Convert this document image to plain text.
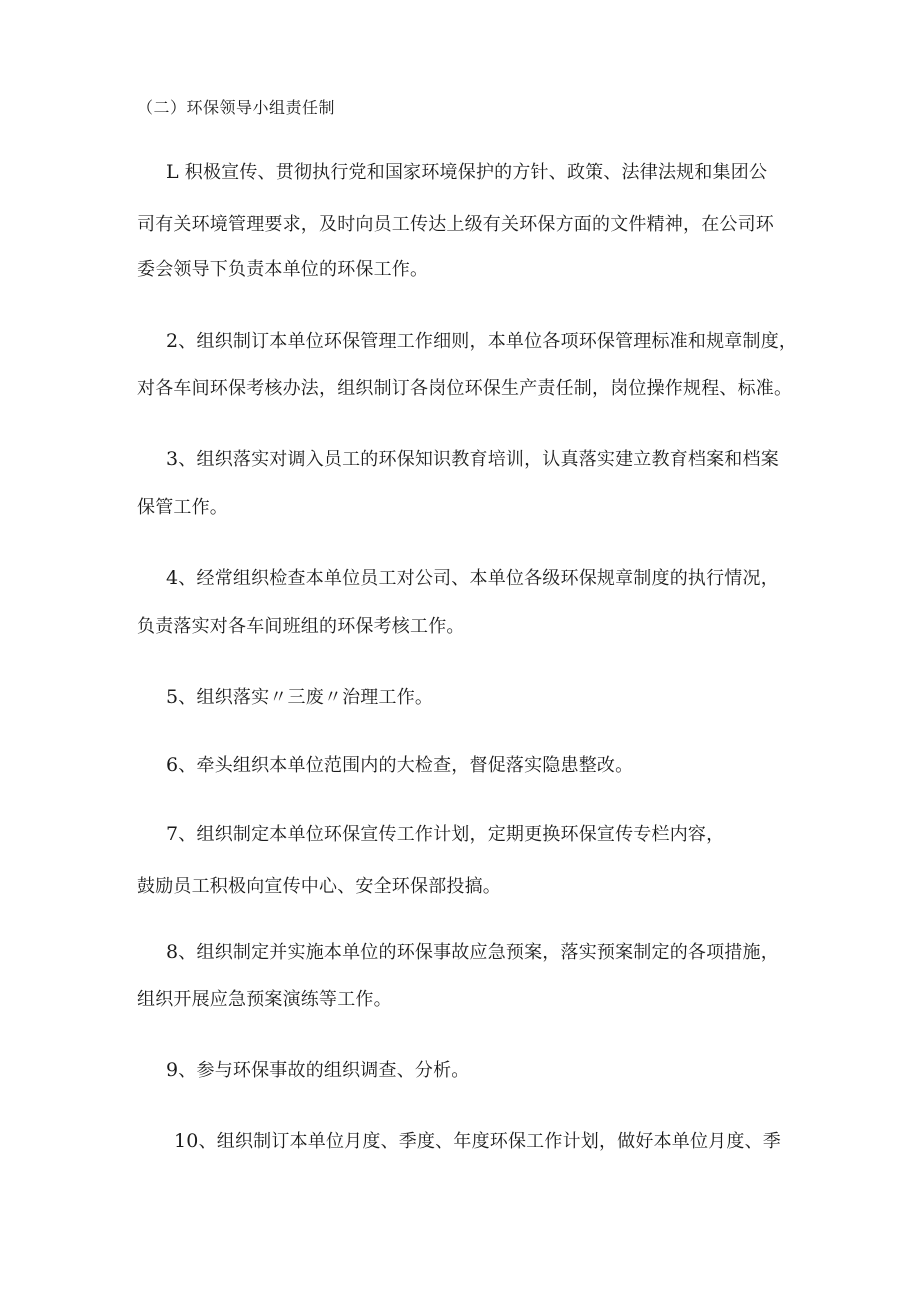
（二）环保领导小组责任制
L 积极宣传、贯彻执行党和国家环境保护的方针、政策、法律法规和集团公
司有关环境管理要求，及时向员工传达上级有关环保方面的文件精神，在公司环
委会领导下负责本单位的环保工作。
2、组织制订本单位环保管理工作细则，本单位各项环保管理标准和规章制度，
对各车间环保考核办法，组织制订各岗位环保生产责任制，岗位操作规程、标准。
3、组织落实对调入员工的环保知识教育培训，认真落实建立教育档案和档案
保管工作。
4、经常组织检查本单位员工对公司、本单位各级环保规章制度的执行情况，
负责落实对各车间班组的环保考核工作。
5、组织落实〃三废〃治理工作。
6、牵头组织本单位范围内的大检查，督促落实隐患整改。
7、组织制定本单位环保宣传工作计划，定期更换环保宣传专栏内容，
鼓励员工积极向宣传中心、安全环保部投搞。
8、组织制定并实施本单位的环保事故应急预案，落实预案制定的各项措施，
组织开展应急预案演练等工作。
9、参与环保事故的组织调查、分析。
10、组织制订本单位月度、季度、年度环保工作计划，做好本单位月度、季
